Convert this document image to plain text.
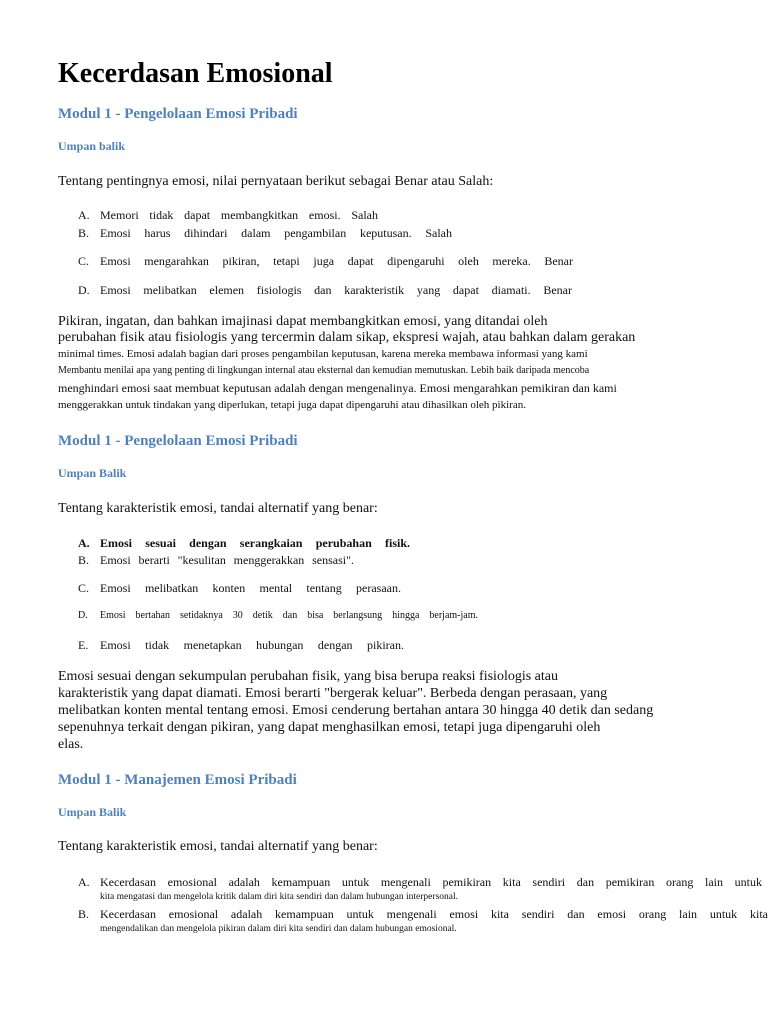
Kecerdasan Emosional
Modul 1 - Pengelolaan Emosi Pribadi
Umpan balik
Tentang pentingnya emosi, nilai pernyataan berikut sebagai Benar atau Salah:
A. Memori tidak dapat membangkitkan emosi. Salah
B. Emosi harus dihindari dalam pengambilan keputusan. Salah
C. Emosi mengarahkan pikiran, tetapi juga dapat dipengaruhi oleh mereka. Benar
D. Emosi melibatkan elemen fisiologis dan karakteristik yang dapat diamati. Benar
Pikiran, ingatan, dan bahkan imajinasi dapat membangkitkan emosi, yang ditandai oleh
perubahan fisik atau fisiologis yang tercermin dalam sikap, ekspresi wajah, atau bahkan dalam gerakan
minimal times. Emosi adalah bagian dari proses pengambilan keputusan, karena mereka membawa informasi yang kami
Membantu menilai apa yang penting di lingkungan internal atau eksternal dan kemudian memutuskan. Lebih baik daripada mencoba
menghindari emosi saat membuat keputusan adalah dengan mengenalinya. Emosi mengarahkan pemikiran dan kami
menggerakkan untuk tindakan yang diperlukan, tetapi juga dapat dipengaruhi atau dihasilkan oleh pikiran.
Modul 1 - Pengelolaan Emosi Pribadi
Umpan Balik
Tentang karakteristik emosi, tandai alternatif yang benar:
A. Emosi sesuai dengan serangkaian perubahan fisik.
B. Emosi berarti "kesulitan menggerakkan sensasi".
C. Emosi melibatkan konten mental tentang perasaan.
D.	Emosi bertahan setidaknya 30 detik dan bisa berlangsung hingga berjam-jam.
E. Emosi tidak menetapkan hubungan dengan pikiran.
Emosi sesuai dengan sekumpulan perubahan fisik, yang bisa berupa reaksi fisiologis atau
karakteristik yang dapat diamati. Emosi berarti "bergerak keluar". Berbeda dengan perasaan, yang
melibatkan konten mental tentang emosi. Emosi cenderung bertahan antara 30 hingga 40 detik dan sedang
sepenuhnya terkait dengan pikiran, yang dapat menghasilkan emosi, tetapi juga dipengaruhi oleh
elas.
Modul 1 - Manajemen Emosi Pribadi
Umpan Balik
Tentang karakteristik emosi, tandai alternatif yang benar:
A. Kecerdasan emosional adalah kemampuan untuk mengenali pemikiran kita sendiri dan pemikiran orang lain untuk
kita mengatasi dan mengelola kritik dalam diri kita sendiri dan dalam hubungan interpersonal.
B. Kecerdasan emosional adalah kemampuan untuk mengenali emosi kita sendiri dan emosi orang lain untuk kita
mengendalikan dan mengelola pikiran dalam diri kita sendiri dan dalam hubungan emosional.
